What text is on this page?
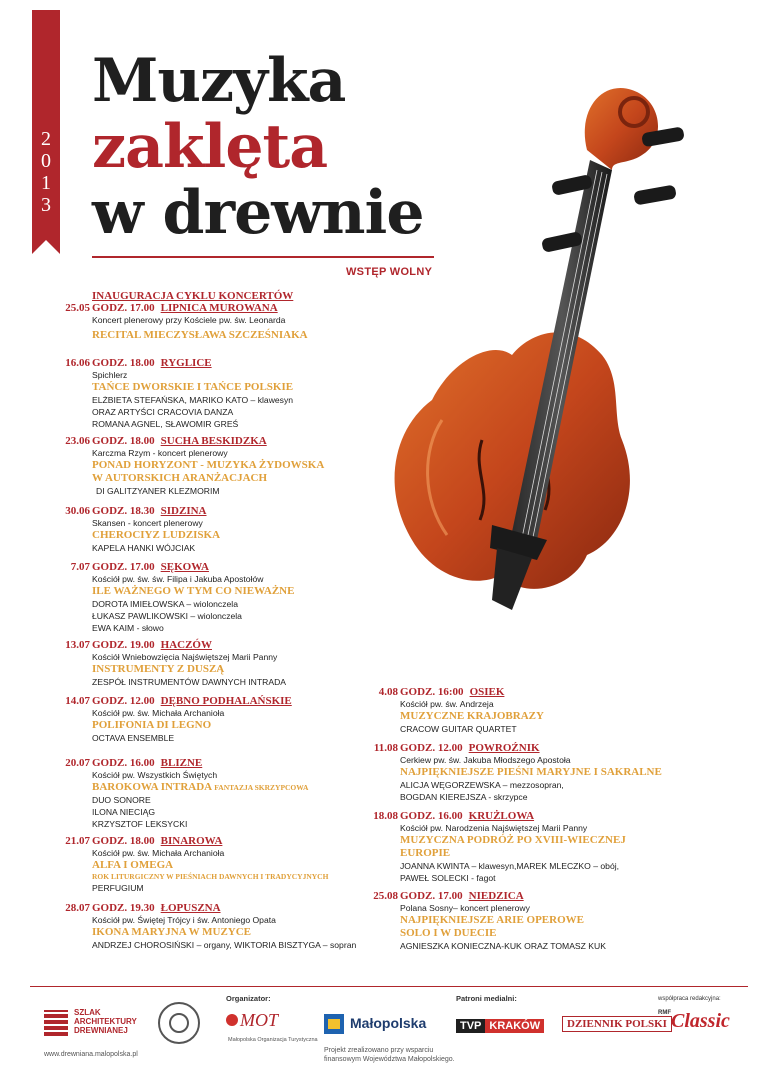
2
0
1
3
Muzyka
zaklęta
w drewnie
WSTĘP WOLNY
INAUGURACJA CYKLU KONCERTÓW
25.05 GODZ. 17.00 LIPNICA MUROWANA
Koncert plenerowy przy Kościele pw. św. Leonarda
RECITAL MIECZYSŁAWA SZCZEŚNIAKA
16.06 GODZ. 18.00 RYGLICE
Spichlerz
TAŃCE DWORSKIE I TAŃCE POLSKIE
ELŻBIETA STEFAŃSKA, MARIKO KATO – klawesyn
ORAZ ARTYŚCI CRACOVIA DANZA
ROMANA AGNEL, SŁAWOMIR GREŚ
23.06 GODZ. 18.00 SUCHA BESKIDZKA
Karczma Rzym - koncert plenerowy
PONAD HORYZONT - MUZYKA ŻYDOWSKA
W AUTORSKICH ARANŻACJACH
DI GALITZYANER KLEZMORIM
30.06 GODZ. 18.30 SIDZINA
Skansen - koncert plenerowy
CHEROCIYZ LUDZISKA
KAPELA HANKI WÓJCIAK
7.07 GODZ. 17.00 SĘKOWA
Kościół pw. św. św. Filipa i Jakuba Apostołów
ILE WAŻNEGO W TYM CO NIEWAŻNE
DOROTA IMIEŁOWSKA – wiolonczela
ŁUKASZ PAWLIKOWSKI – wiolonczela
EWA KAIM - słowo
13.07 GODZ. 19.00 HACZÓW
Kościół Wniebowzięcia Najświętszej Marii Panny
INSTRUMENTY Z DUSZĄ
ZESPÓŁ INSTRUMENTÓW DAWNYCH INTRADA
14.07 GODZ. 12.00 DĘBNO PODHALAŃSKIE
Kościół pw. św. Michała Archanioła
POLIFONIA DI LEGNO
OCTAVA ENSEMBLE
20.07 GODZ. 16.00 BLIZNE
Kościół pw. Wszystkich Świętych
BAROKOWA INTRADA FANTAZJA SKRZYPCOWA
DUO SONORE
ILONA NIECIĄG
KRZYSZTOF LEKSYCKI
21.07 GODZ. 18.00 BINAROWA
Kościół pw. św. Michała Archanioła
ALFA I OMEGA
ROK LITURGICZNY W PIEŚNIACH DAWNYCH I TRADYCYJNYCH
PERFUGIUM
28.07 GODZ. 19.30 ŁOPUSZNA
Kościół pw. Świętej Trójcy i św. Antoniego Opata
IKONA MARYJNA W MUZYCE
ANDRZEJ CHOROSIŃSKI – organy, WIKTORIA BISZTYGA – sopran
4.08 GODZ. 16:00 OSIEK
Kościół pw. św. Andrzeja
MUZYCZNE KRAJOBRAZY
CRACOW GUITAR QUARTET
11.08 GODZ. 12.00 POWROŹNIK
Cerkiew pw. św. Jakuba Młodszego Apostoła
NAJPIĘKNIEJSZE PIEŚNI MARYJNE I SAKRALNE
ALICJA WĘGORZEWSKA – mezzosopran,
BOGDAN KIEREJSZA - skrzypce
18.08 GODZ. 16.00 KRUŻLOWA
Kościół pw. Narodzenia Najświętszej Marii Panny
MUZYCZNA PODRÓŻ PO XVIII-WIECZNEJ
EUROPIE
JOANNA KWINTA – klawesyn,MAREK MLECZKO – obój,
PAWEŁ SOLECKI - fagot
25.08 GODZ. 17.00 NIEDZICA
Polana Sosny– koncert plenerowy
NAJPIĘKNIEJSZE ARIE OPEROWE
SOLO I W DUECIE
AGNIESZKA KONIECZNA-KUK ORAZ TOMASZ KUK
SZLAK
ARCHITEKTURY
DREWNIANEJ
www.drewniana.malopolska.pl
Organizator:
MOT
Małopolska Organizacja Turystyczna
Małopolska
Projekt zrealizowano przy wsparciu
finansowym Województwa Małopolskiego.
Patroni medialni:
TVP KRAKÓW	DZIENNIK POLSKI
współpraca redakcyjna:
$^{RMF}$Classic
